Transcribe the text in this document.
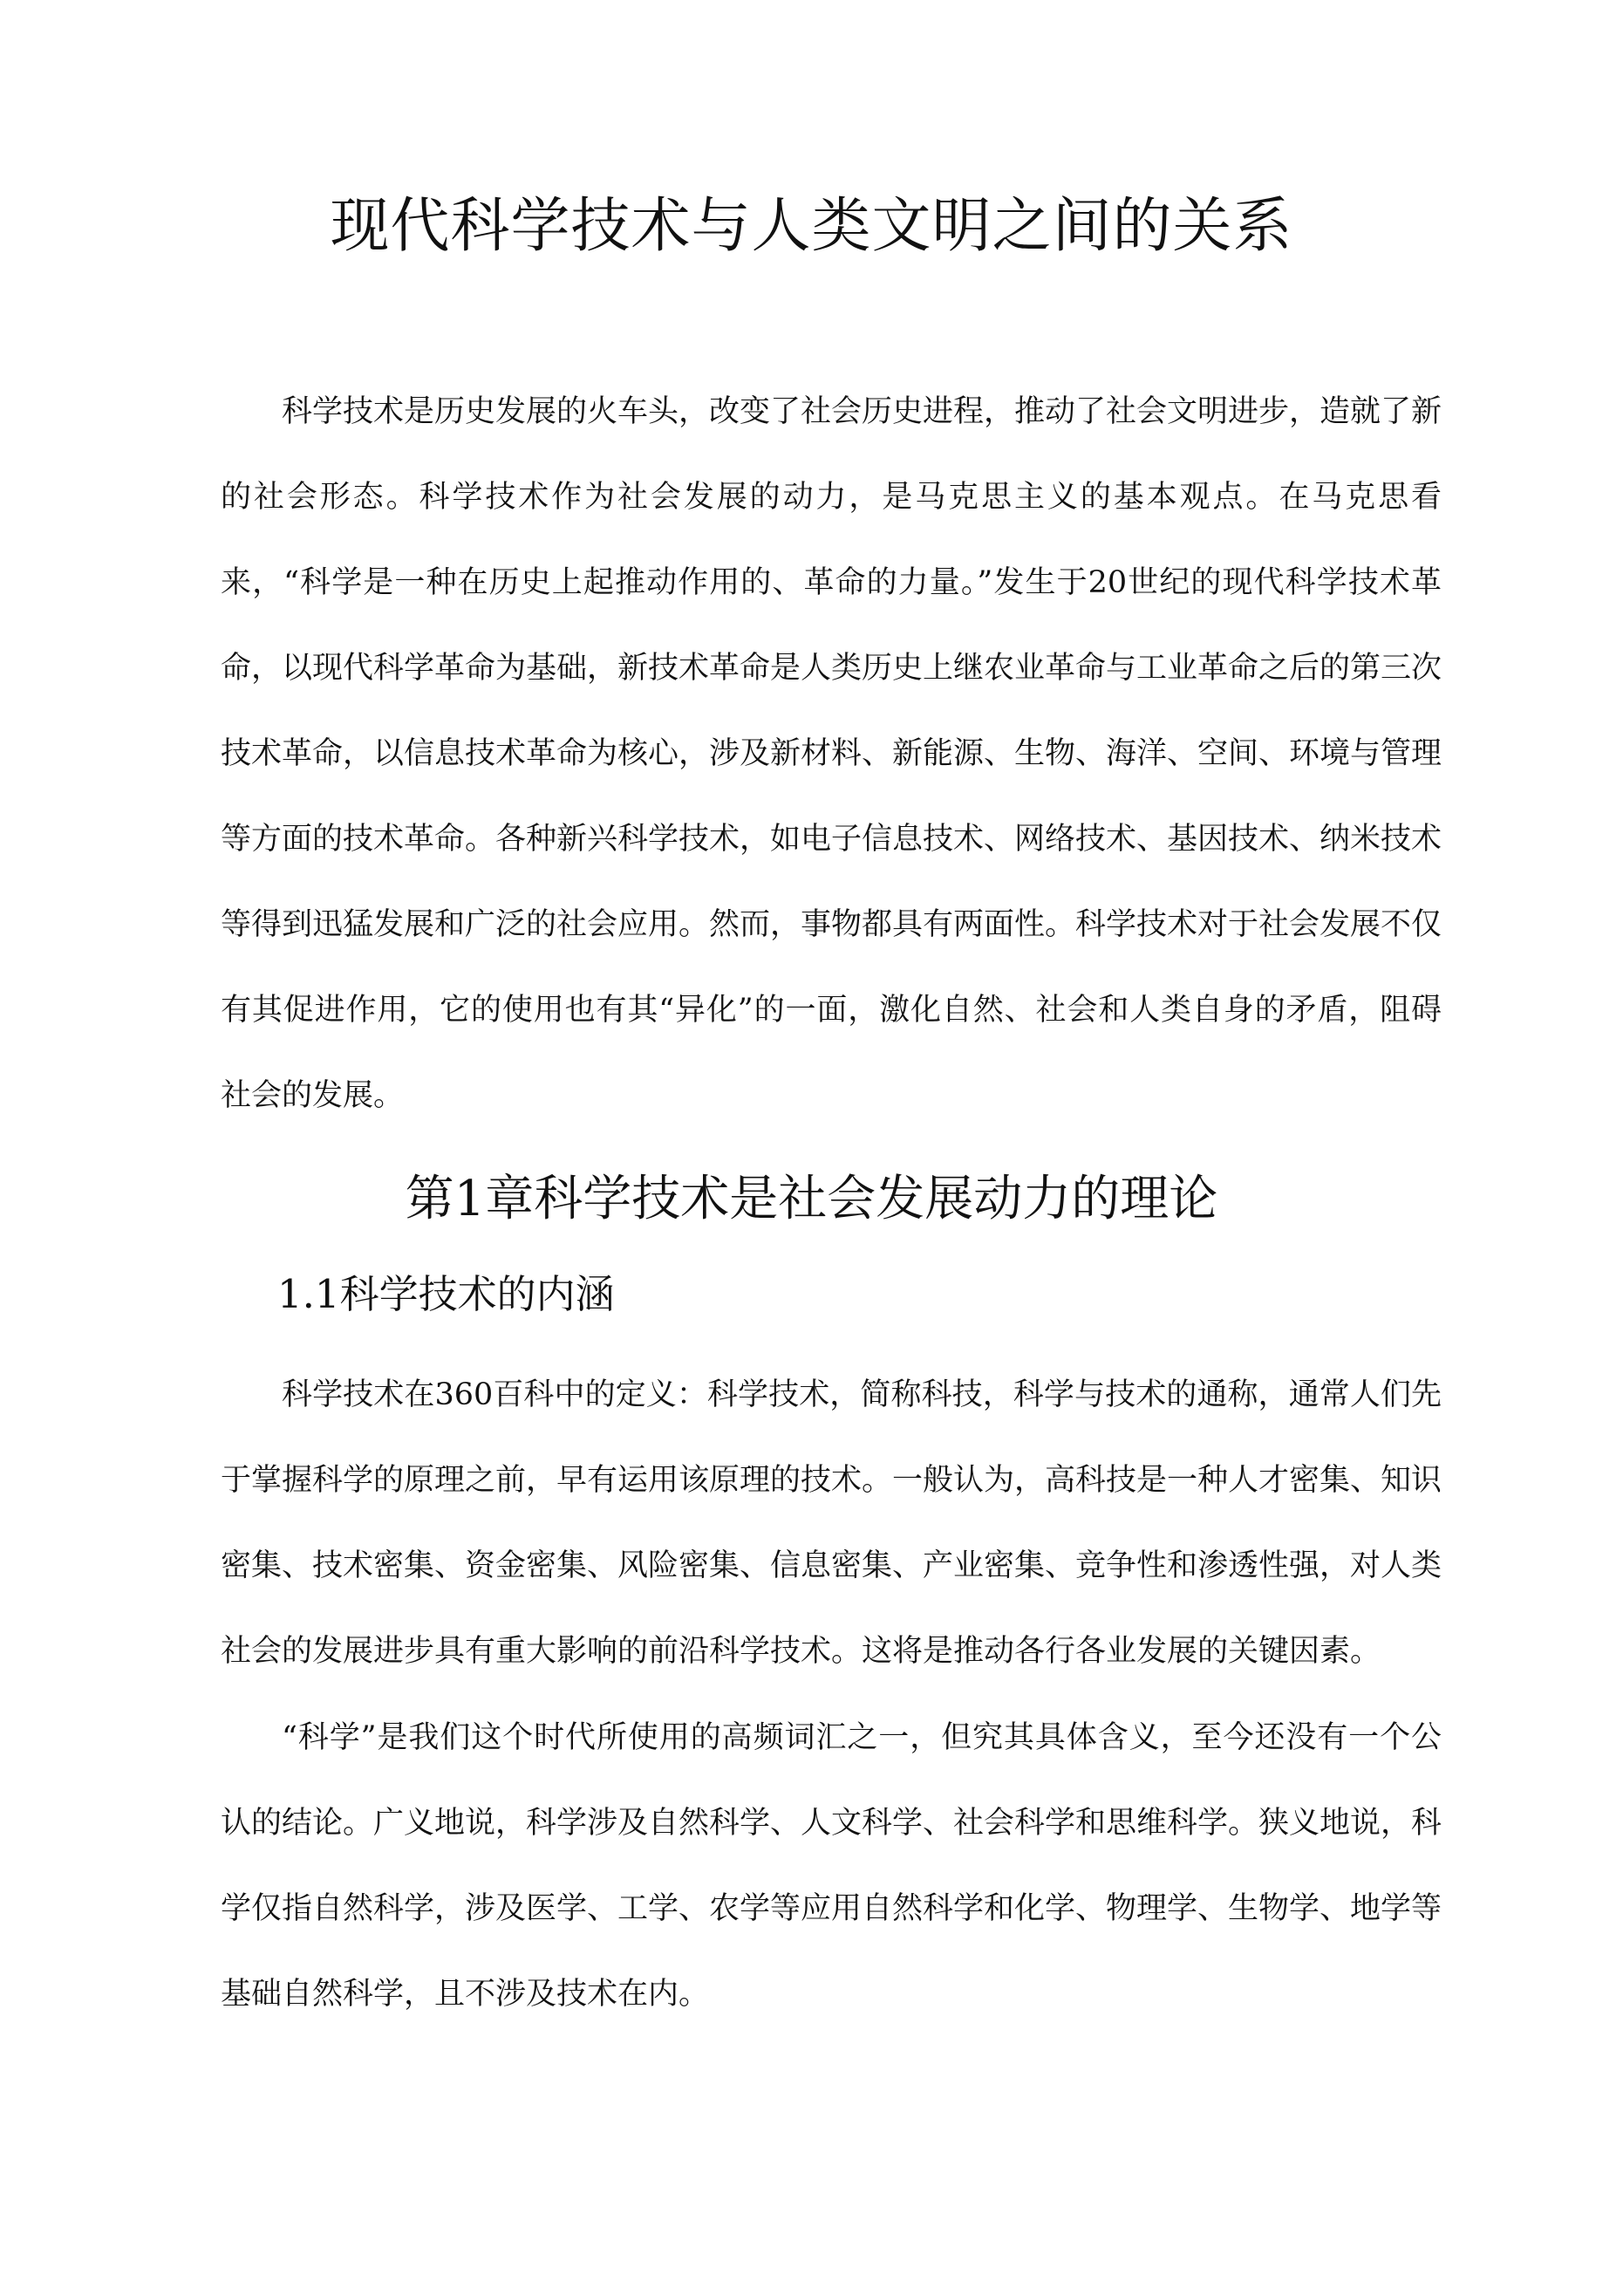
现代科学技术与人类文明之间的关系

科学技术是历史发展的火车头，改变了社会历史进程，推动了社会文明进步，造就了新的社会形态。科学技术作为社会发展的动力，是马克思主义的基本观点。在马克思看来，“科学是一种在历史上起推动作用的、革命的力量。”发生于20世纪的现代科学技术革命，以现代科学革命为基础，新技术革命是人类历史上继农业革命与工业革命之后的第三次技术革命，以信息技术革命为核心，涉及新材料、新能源、生物、海洋、空间、环境与管理等方面的技术革命。各种新兴科学技术，如电子信息技术、网络技术、基因技术、纳米技术等得到迅猛发展和广泛的社会应用。然而，事物都具有两面性。科学技术对于社会发展不仅有其促进作用，它的使用也有其“异化”的一面，激化自然、社会和人类自身的矛盾，阻碍社会的发展。

第1章科学技术是社会发展动力的理论
1.1科学技术的内涵

科学技术在360百科中的定义：科学技术，简称科技，科学与技术的通称，通常人们先于掌握科学的原理之前，早有运用该原理的技术。一般认为，高科技是一种人才密集、知识密集、技术密集、资金密集、风险密集、信息密集、产业密集、竞争性和渗透性强，对人类社会的发展进步具有重大影响的前沿科学技术。这将是推动各行各业发展的关键因素。

“科学”是我们这个时代所使用的高频词汇之一，但究其具体含义，至今还没有一个公认的结论。广义地说，科学涉及自然科学、人文科学、社会科学和思维科学。狭义地说，科学仅指自然科学，涉及医学、工学、农学等应用自然科学和化学、物理学、生物学、地学等基础自然科学，且不涉及技术在内。
